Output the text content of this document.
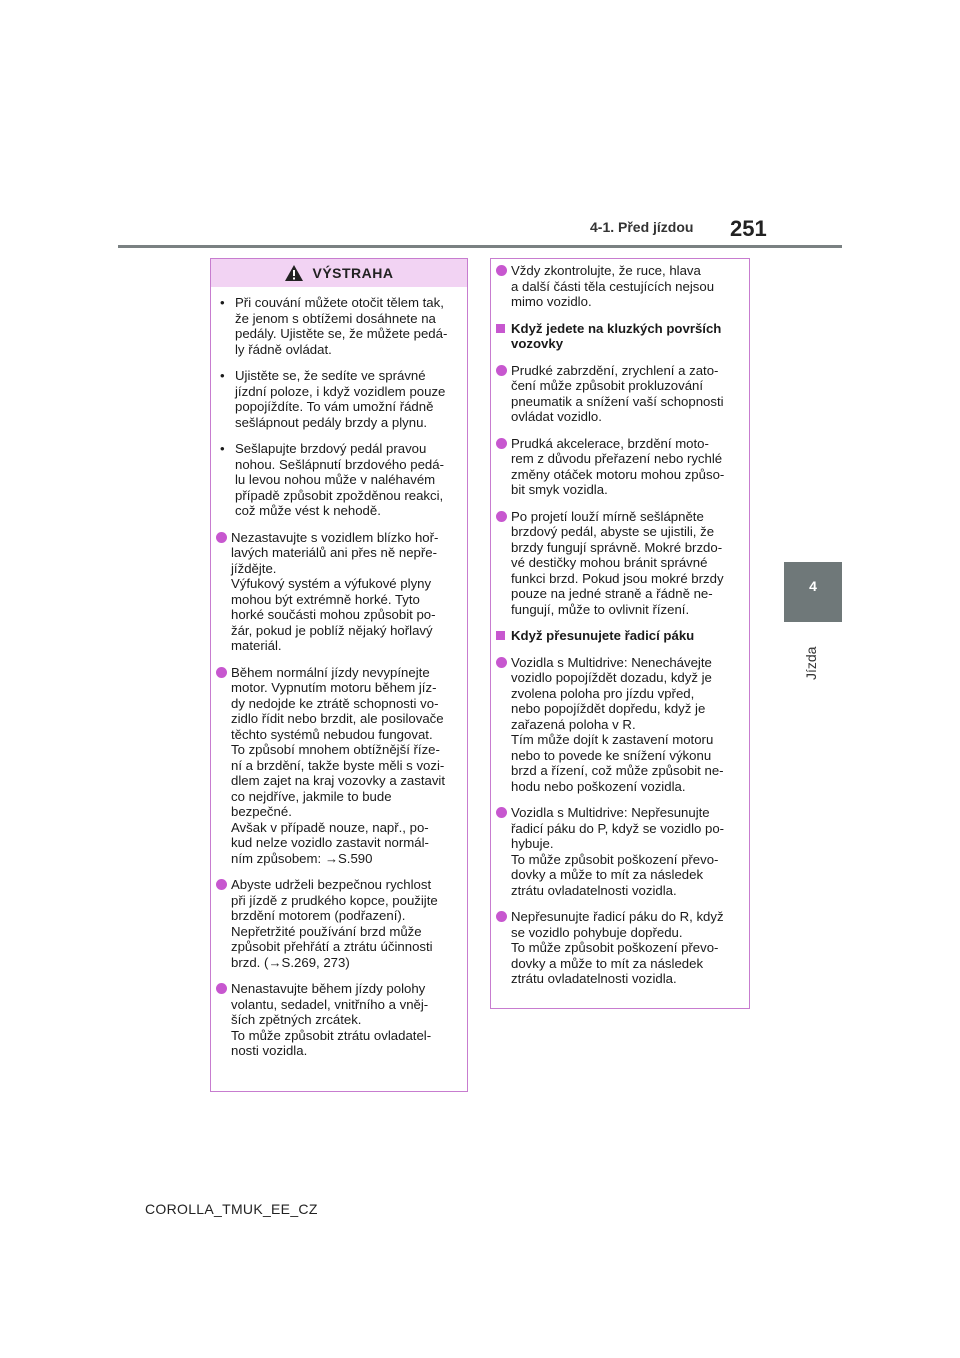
4-1. Před jízdou 251
4
Jízda
VÝSTRAHA
• Při couvání můžete otočit tělem tak,
že jenom s obtížemi dosáhnete na
pedály. Ujistěte se, že můžete pedá-
ly řádně ovládat.
• Ujistěte se, že sedíte ve správné
jízdní poloze, i když vozidlem pouze
popojíždíte. To vám umožní řádně
sešlápnout pedály brzdy a plynu.
• Sešlapujte brzdový pedál pravou
nohou. Sešlápnutí brzdového pedá-
lu levou nohou může v naléhavém
případě způsobit zpožděnou reakci,
což může vést k nehodě.
Nezastavujte s vozidlem blízko hoř-
lavých materiálů ani přes ně nepře-
jíždějte.
Výfukový systém a výfukové plyny
mohou být extrémně horké. Tyto
horké součásti mohou způsobit po-
žár, pokud je poblíž nějaký hořlavý
materiál.
Během normální jízdy nevypínejte
motor. Vypnutím motoru během jíz-
dy nedojde ke ztrátě schopnosti vo-
zidlo řídit nebo brzdit, ale posilovače
těchto systémů nebudou fungovat.
To způsobí mnohem obtížnější říze-
ní a brzdění, takže byste měli s vozi-
dlem zajet na kraj vozovky a zastavit
co nejdříve, jakmile to bude
bezpečné.
Avšak v případě nouze, např., po-
kud nelze vozidlo zastavit normál-
ním způsobem: →S.590
Abyste udrželi bezpečnou rychlost
při jízdě z prudkého kopce, použijte
brzdění motorem (podřazení).
Nepřetržité používání brzd může
způsobit přehřátí a ztrátu účinnosti
brzd. (→S.269, 273)
Nenastavujte během jízdy polohy
volantu, sedadel, vnitřního a vněj-
ších zpětných zrcátek.
To může způsobit ztrátu ovladatel-
nosti vozidla.
Vždy zkontrolujte, že ruce, hlava
a další části těla cestujících nejsou
mimo vozidlo.
Když jedete na kluzkých površích
vozovky
Prudké zabrzdění, zrychlení a zato-
čení může způsobit prokluzování
pneumatik a snížení vaší schopnosti
ovládat vozidlo.
Prudká akcelerace, brzdění moto-
rem z důvodu přeřazení nebo rychlé
změny otáček motoru mohou způso-
bit smyk vozidla.
Po projetí louží mírně sešlápněte
brzdový pedál, abyste se ujistili, že
brzdy fungují správně. Mokré brzdo-
vé destičky mohou bránit správné
funkci brzd. Pokud jsou mokré brzdy
pouze na jedné straně a řádně ne-
fungují, může to ovlivnit řízení.
Když přesunujete řadicí páku
Vozidla s Multidrive: Nenechávejte
vozidlo popojíždět dozadu, když je
zvolena poloha pro jízdu vpřed,
nebo popojíždět dopředu, když je
zařazená poloha v R.
Tím může dojít k zastavení motoru
nebo to povede ke snížení výkonu
brzd a řízení, což může způsobit ne-
hodu nebo poškození vozidla.
Vozidla s Multidrive: Nepřesunujte
řadicí páku do P, když se vozidlo po-
hybuje.
To může způsobit poškození převo-
dovky a může to mít za následek
ztrátu ovladatelnosti vozidla.
Nepřesunujte řadicí páku do R, když
se vozidlo pohybuje dopředu.
To může způsobit poškození převo-
dovky a může to mít za následek
ztrátu ovladatelnosti vozidla.
COROLLA_TMUK_EE_CZ
